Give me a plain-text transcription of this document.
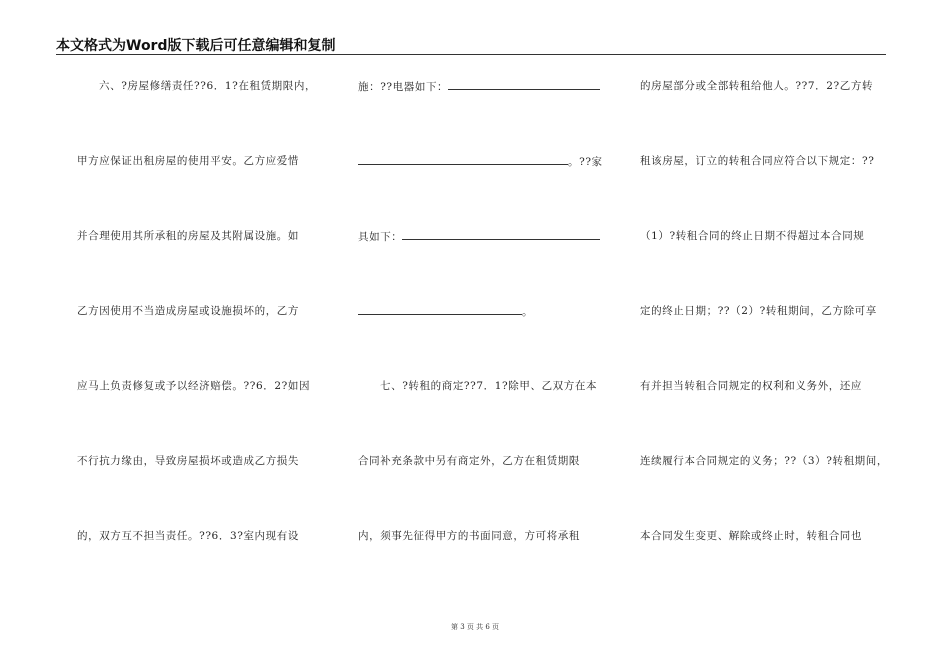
本文格式为Word版下载后可任意编辑和复制
六、?房屋修缮责任??6．1?在租赁期限内，
甲方应保证出租房屋的使用平安。乙方应爱惜
并合理使用其所承租的房屋及其附属设施。如
乙方因使用不当造成房屋或设施损坏的，乙方
应马上负责修复或予以经济赔偿。??6．2?如因
不行抗力缘由，导致房屋损坏或造成乙方损失
的，双方互不担当责任。??6．3?室内现有设
施：??电器如下：
。??家
具如下：
。
七、?转租的商定??7．1?除甲、乙双方在本
合同补充条款中另有商定外，乙方在租赁期限
内，须事先征得甲方的书面同意，方可将承租
的房屋部分或全部转租给他人。??7．2?乙方转
租该房屋，订立的转租合同应符合以下规定：??
（1）?转租合同的终止日期不得超过本合同规
定的终止日期；??（2）?转租期间，乙方除可享
有并担当转租合同规定的权利和义务外，还应
连续履行本合同规定的义务；??（3）?转租期间，
本合同发生变更、解除或终止时，转租合同也
第 3 页 共 6 页
